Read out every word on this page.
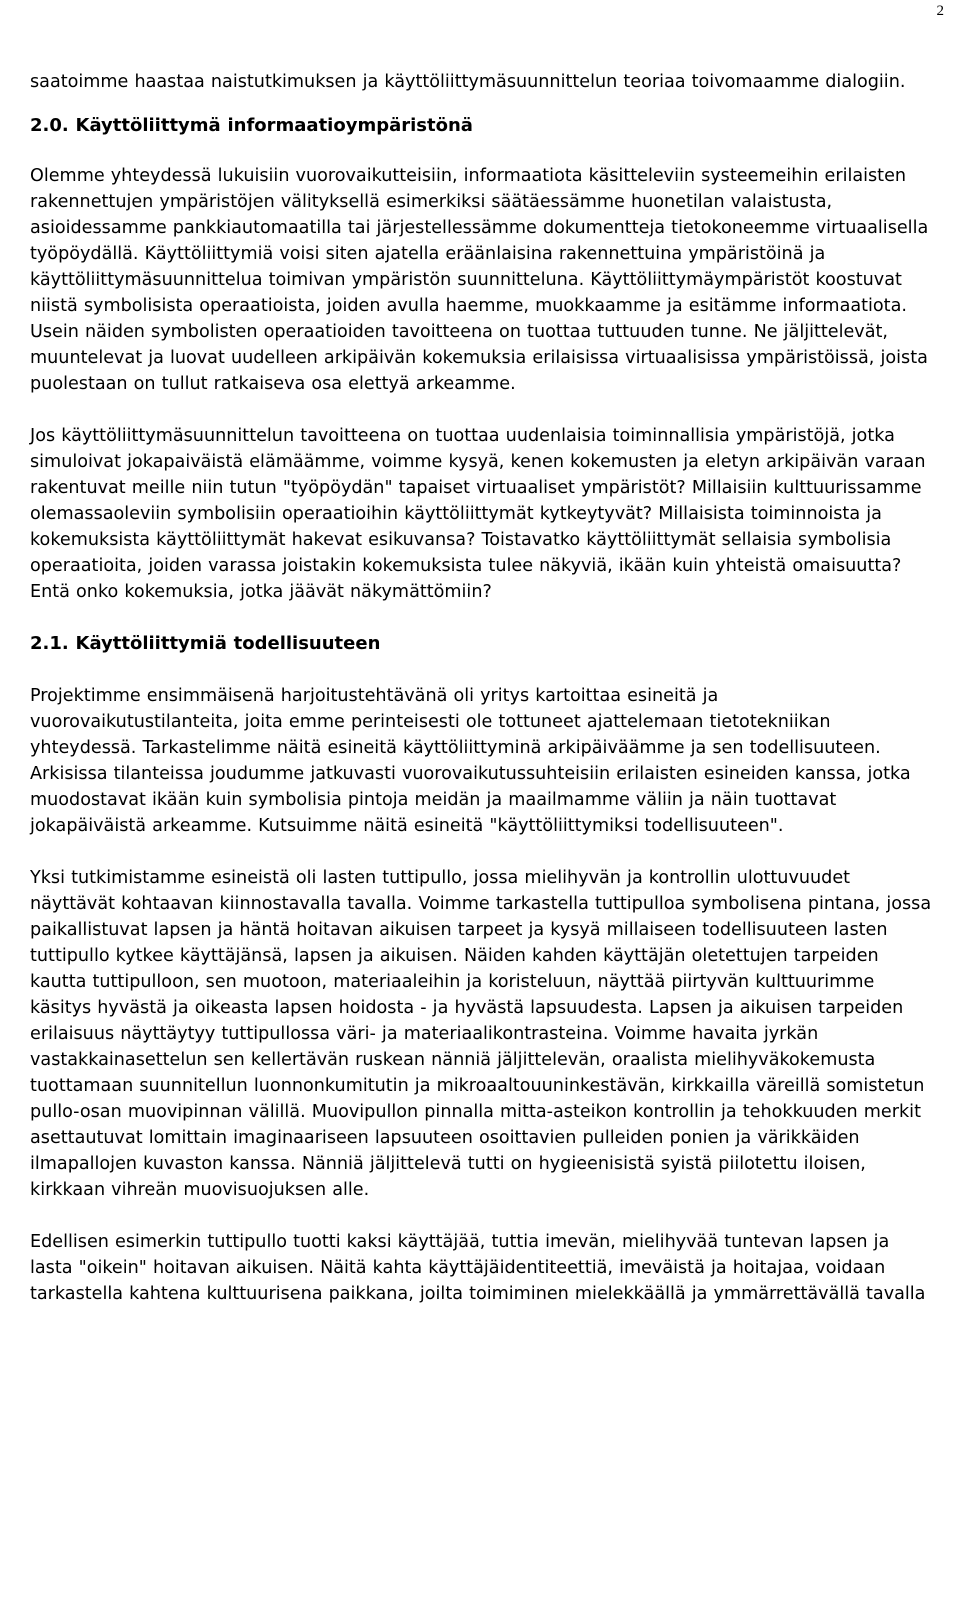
2

saatoimme haastaa naistutkimuksen ja käyttöliittymäsuunnittelun teoriaa toivomaamme dialogiin.

2.0. Käyttöliittymä informaatioympäristönä

Olemme yhteydessä lukuisiin vuorovaikutteisiin, informaatiota käsitteleviin systeemeihin erilaisten rakennettujen ympäristöjen välityksellä esimerkiksi säätäessämme huonetilan valaistusta, asioidessamme pankkiautomaatilla tai järjestellessämme dokumentteja tietokoneemme virtuaalisella työpöydällä. Käyttöliittymiä voisi siten ajatella eräänlaisina rakennettuina ympäristöinä ja käyttöliittymäsuunnittelua toimivan ympäristön suunnitteluna. Käyttöliittymäympäristöt koostuvat niistä symbolisista operaatioista, joiden avulla haemme, muokkaamme ja esitämme informaatiota. Usein näiden symbolisten operaatioiden tavoitteena on tuottaa tuttuuden tunne. Ne jäljittelevät, muuntelevat ja luovat uudelleen arkipäivän kokemuksia erilaisissa virtuaalisissa ympäristöissä, joista puolestaan on tullut ratkaiseva osa elettyä arkeamme.

Jos käyttöliittymäsuunnittelun tavoitteena on tuottaa uudenlaisia toiminnallisia ympäristöjä, jotka simuloivat jokapaiväistä elämäämme, voimme kysyä, kenen kokemusten ja eletyn arkipäivän varaan rakentuvat meille niin tutun "työpöydän" tapaiset virtuaaliset ympäristöt? Millaisiin kulttuurissamme olemassaoleviin symbolisiin operaatioihin käyttöliittymät kytkeytyvät? Millaisista toiminnoista ja kokemuksista käyttöliittymät hakevat esikuvansa? Toistavatko käyttöliittymät sellaisia symbolisia operaatioita, joiden varassa joistakin kokemuksista tulee näkyviä, ikään kuin yhteistä omaisuutta? Entä onko kokemuksia, jotka jäävät näkymättömiin?

2.1. Käyttöliittymiä todellisuuteen

Projektimme ensimmäisenä harjoitustehtävänä oli yritys kartoittaa esineitä ja vuorovaikutustilanteita, joita emme perinteisesti ole tottuneet ajattelemaan tietotekniikan yhteydessä. Tarkastelimme näitä esineitä käyttöliittyminä arkipäiväämme ja sen todellisuuteen. Arkisissa tilanteissa joudumme jatkuvasti vuorovaikutussuhteisiin erilaisten esineiden kanssa, jotka muodostavat ikään kuin symbolisia pintoja meidän ja maailmamme väliin ja näin tuottavat jokapäiväistä arkeamme. Kutsuimme näitä esineitä "käyttöliittymiksi todellisuuteen".

Yksi tutkimistamme esineistä oli lasten tuttipullo, jossa mielihyvän ja kontrollin ulottuvuudet näyttävät kohtaavan kiinnostavalla tavalla. Voimme tarkastella tuttipulloa symbolisena pintana, jossa paikallistuvat lapsen ja häntä hoitavan aikuisen tarpeet ja kysyä millaiseen todellisuuteen lasten tuttipullo kytkee käyttäjänsä, lapsen ja aikuisen. Näiden kahden käyttäjän oletettujen tarpeiden kautta tuttipulloon, sen muotoon, materiaaleihin ja koristeluun, näyttää piirtyvän kulttuurimme käsitys hyvästä ja oikeasta lapsen hoidosta - ja hyvästä lapsuudesta. Lapsen ja aikuisen tarpeiden erilaisuus näyttäytyy tuttipullossa väri- ja materiaalikontrasteina. Voimme havaita jyrkän vastakkainasettelun sen kellertävän ruskean nänniä jäljittelevän, oraalista mielihyväkokemusta tuottamaan suunnitellun luonnonkumitutin ja mikroaaltouuninkestävän, kirkkailla väreillä somistetun pullo-osan muovipinnan välillä. Muovipullon pinnalla mitta-asteikon kontrollin ja tehokkuuden merkit asettautuvat lomittain imaginaariseen lapsuuteen osoittavien pulleiden ponien ja värikkäiden ilmapallojen kuvaston kanssa. Nänniä jäljittelevä tutti on hygieenisistä syistä piilotettu iloisen, kirkkaan vihreän muovisuojuksen alle.

Edellisen esimerkin tuttipullo tuotti kaksi käyttäjää, tuttia imevän, mielihyvää tuntevan lapsen ja lasta "oikein" hoitavan aikuisen. Näitä kahta käyttäjäidentiteettiä, imeväistä ja hoitajaa, voidaan tarkastella kahtena kulttuurisena paikkana, joilta toimiminen mielekkäällä ja ymmärrettävällä tavalla
